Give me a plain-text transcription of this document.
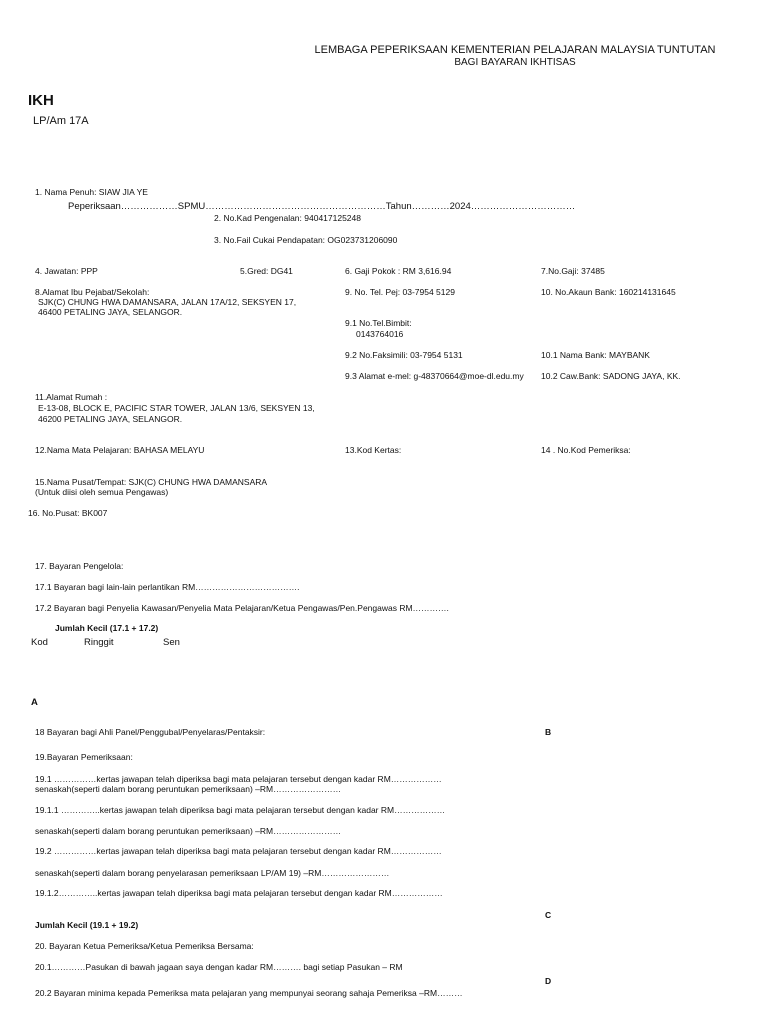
LEMBAGA PEPERIKSAAN KEMENTERIAN PELAJARAN MALAYSIA TUNTUTAN
BAGI BAYARAN IKHTISAS
IKH
LP/Am 17A
1. Nama Penuh: SIAW JIA YE
Peperiksaan………………SPMU…………………………………………………Tahun…………2024……………………………
2. No.Kad Pengenalan: 940417125248
3. No.Fail Cukai Pendapatan: OG023731206090
4. Jawatan: PPP	5.Gred: DG41	6. Gaji Pokok : RM 3,616.94	7.No.Gaji: 37485
8.Alamat Ibu Pejabat/Sekolah:
SJK(C) CHUNG HWA DAMANSARA, JALAN 17A/12, SEKSYEN 17,
46400 PETALING JAYA, SELANGOR.
9. No. Tel. Pej: 03-7954 5129	10. No.Akaun Bank: 160214131645
9.1 No.Tel.Bimbit:
0143764016
9.2 No.Faksimili: 03-7954 5131	10.1 Nama Bank: MAYBANK
9.3 Alamat e-mel: g-48370664@moe-dl.edu.my 10.2 Caw.Bank: SADONG JAYA, KK.
11.Alamat Rumah :
E-13-08, BLOCK E, PACIFIC STAR TOWER, JALAN 13/6, SEKSYEN 13,
46200 PETALING JAYA, SELANGOR.
12.Nama Mata Pelajaran: BAHASA MELAYU	13.Kod Kertas:	14 . No.Kod Pemeriksa:
15.Nama Pusat/Tempat: SJK(C) CHUNG HWA DAMANSARA
(Untuk diisi oleh semua Pengawas)
16. No.Pusat: BK007
17. Bayaran Pengelola:
17.1 Bayaran bagi lain-lain perlantikan RM……………………………….
17.2 Bayaran bagi Penyelia Kawasan/Penyelia Mata Pelajaran/Ketua Pengawas/Pen.Pengawas RM………….
Jumlah Kecil (17.1 + 17.2)
Kod	Ringgit	Sen
A
18 Bayaran bagi Ahli Panel/Penggubal/Penyelaras/Pentaksir:	B
19.Bayaran Pemeriksaan:
19.1 ……………kertas jawapan telah diperiksa bagi mata pelajaran tersebut dengan kadar RM………………
senaskah(seperti dalam borang peruntukan pemeriksaan) –RM……………………
19.1.1 …………..kertas jawapan telah diperiksa bagi mata pelajaran tersebut dengan kadar RM………………
senaskah(seperti dalam borang peruntukan pemeriksaan) –RM……………………
19.2 ……………kertas jawapan telah diperiksa bagi mata pelajaran tersebut dengan kadar RM………………
senaskah(seperti dalam borang penyelarasan pemeriksaan LP/AM 19) –RM……………………
19.1.2…………..kertas jawapan telah diperiksa bagi mata pelajaran tersebut dengan kadar RM………………
C
Jumlah Kecil (19.1 + 19.2)
20. Bayaran Ketua Pemeriksa/Ketua Pemeriksa Bersama:
20.1…………Pasukan di bawah jagaan saya dengan kadar RM………. bagi setiap Pasukan – RM
D
20.2 Bayaran minima kepada Pemeriksa mata pelajaran yang mempunyai seorang sahaja Pemeriksa –RM………
